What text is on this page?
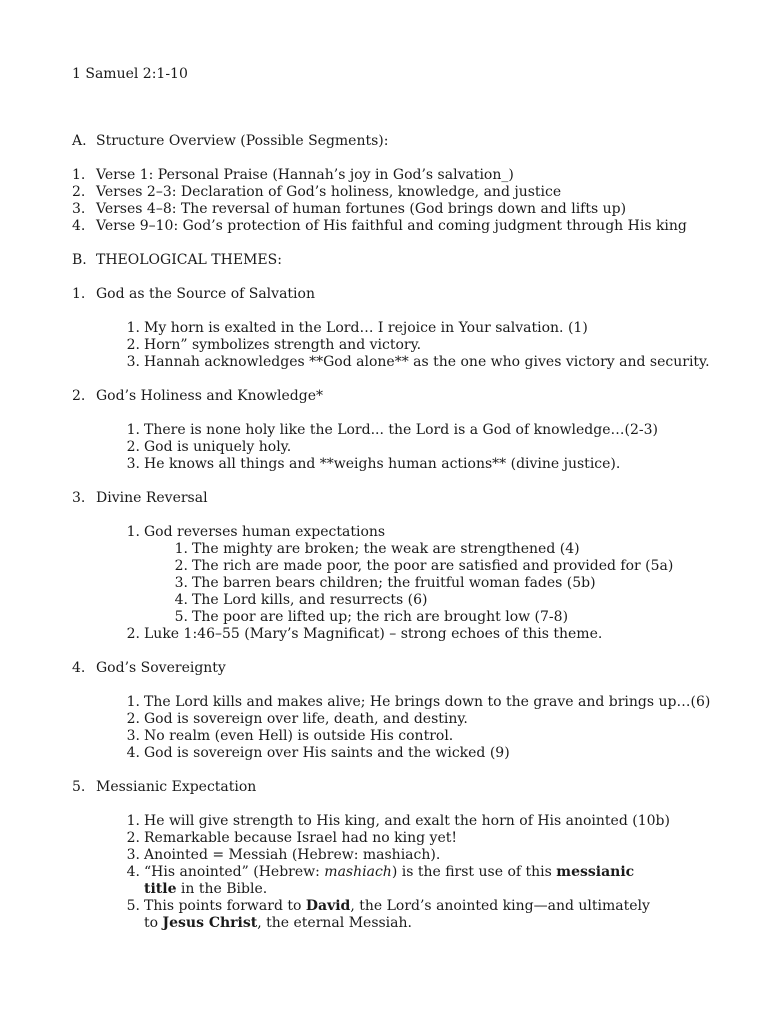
1 Samuel 2:1-10
A. Structure Overview (Possible Segments):
1. Verse 1: Personal Praise (Hannah’s joy in God’s salvation_)
2. Verses 2–3: Declaration of God’s holiness, knowledge, and justice
3. Verses 4–8: The reversal of human fortunes (God brings down and lifts up)
4. Verse 9–10: God’s protection of His faithful and coming judgment through His king
B. THEOLOGICAL THEMES:
1. God as the Source of Salvation
1. My horn is exalted in the Lord… I rejoice in Your salvation. (1)
2. Horn” symbolizes strength and victory.
3. Hannah acknowledges **God alone** as the one who gives victory and security.
2. God’s Holiness and Knowledge*
1. There is none holy like the Lord... the Lord is a God of knowledge…(2-3)
2. God is uniquely holy.
3. He knows all things and **weighs human actions** (divine justice).
3. Divine Reversal
1. God reverses human expectations
1. The mighty are broken; the weak are strengthened (4)
2. The rich are made poor, the poor are satisfied and provided for (5a)
3. The barren bears children; the fruitful woman fades (5b)
4. The Lord kills, and resurrects (6)
5. The poor are lifted up; the rich are brought low (7-8)
2. Luke 1:46–55 (Mary’s Magnificat) – strong echoes of this theme.
4. God’s Sovereignty
1. The Lord kills and makes alive; He brings down to the grave and brings up…(6)
2. God is sovereign over life, death, and destiny.
3. No realm (even Hell) is outside His control.
4. God is sovereign over His saints and the wicked (9)
5. Messianic Expectation
1. He will give strength to His king, and exalt the horn of His anointed (10b)
2. Remarkable because Israel had no king yet!
3. Anointed = Messiah (Hebrew: mashiach).
4. “His anointed” (Hebrew: mashiach) is the first use of this messianic title in the Bible.
5. This points forward to David, the Lord’s anointed king—and ultimately to Jesus Christ, the eternal Messiah.
